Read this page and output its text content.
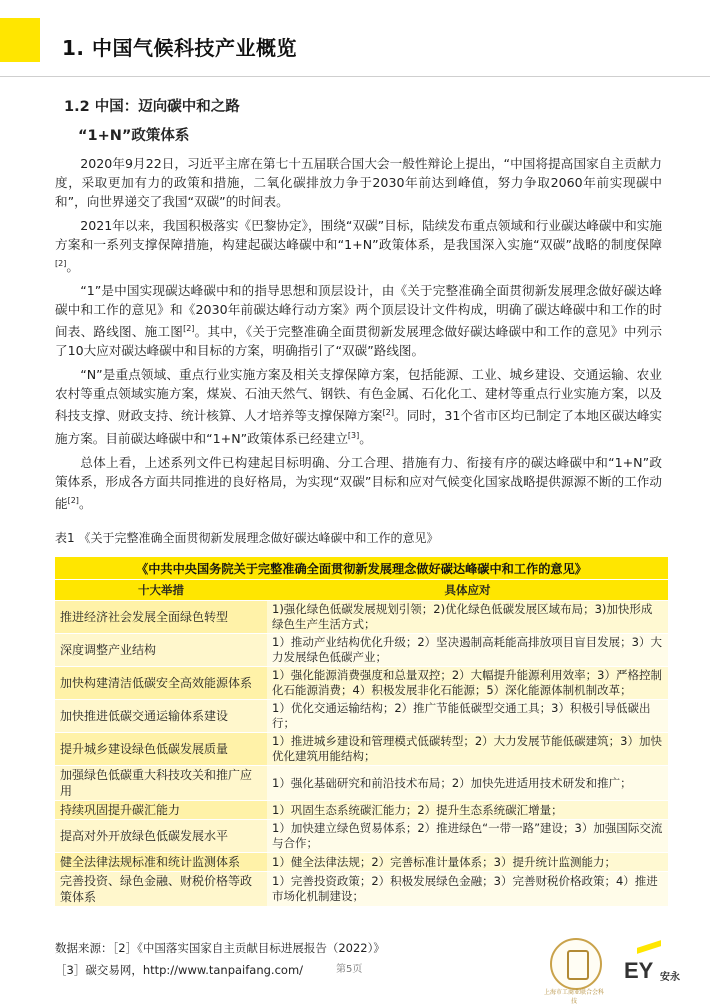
1. 中国气候科技产业概览
1.2 中国：迈向碳中和之路
“1+N”政策体系

2020年9月22日，习近平主席在第七十五届联合国大会一般性辩论上提出，“中国将提高国家自主贡献力度，采取更加有力的政策和措施，二氧化碳排放力争于2030年前达到峰值，努力争取2060年前实现碳中和”，向世界递交了我国“双碳”的时间表。

2021年以来，我国积极落实《巴黎协定》，围绕“双碳”目标，陆续发布重点领域和行业碳达峰碳中和实施方案和一系列支撑保障措施，构建起碳达峰碳中和“1+N”政策体系，是我国深入实施“双碳”战略的制度保障[2]。

“1”是中国实现碳达峰碳中和的指导思想和顶层设计，由《关于完整准确全面贯彻新发展理念做好碳达峰碳中和工作的意见》和《2030年前碳达峰行动方案》两个顶层设计文件构成，明确了碳达峰碳中和工作的时间表、路线图、施工图[2]。其中，《关于完整准确全面贯彻新发展理念做好碳达峰碳中和工作的意见》中列示了10大应对碳达峰碳中和目标的方案，明确指引了“双碳”路线图。

“N”是重点领域、重点行业实施方案及相关支撑保障方案，包括能源、工业、城乡建设、交通运输、农业农村等重点领域实施方案，煤炭、石油天然气、钢铁、有色金属、石化化工、建材等重点行业实施方案，以及科技支撑、财政支持、统计核算、人才培养等支撑保障方案[2]。同时，31个省市区均已制定了本地区碳达峰实施方案。目前碳达峰碳中和“1+N”政策体系已经建立[3]。

总体上看，上述系列文件已构建起目标明确、分工合理、措施有力、衔接有序的碳达峰碳中和“1+N”政策体系，形成各方面共同推进的良好格局，为实现“双碳”目标和应对气候变化国家战略提供源源不断的工作动能[2]。

表1 《关于完整准确全面贯彻新发展理念做好碳达峰碳中和工作的意见》
《中共中央国务院关于完整准确全面贯彻新发展理念做好碳达峰碳中和工作的意见》	
十大举措	具体应对
推进经济社会发展全面绿色转型	1)强化绿色低碳发展规划引领；2)优化绿色低碳发展区域布局；3)加快形成绿色生产生活方式；
深度调整产业结构	1）推动产业结构优化升级；2）坚决遏制高耗能高排放项目盲目发展；3）大力发展绿色低碳产业；
加快构建清洁低碳安全高效能源体系	1）强化能源消费强度和总量双控；2）大幅提升能源利用效率；3）严格控制化石能源消费；4）积极发展非化石能源；5）深化能源体制机制改革；
加快推进低碳交通运输体系建设	1）优化交通运输结构；2）推广节能低碳型交通工具；3）积极引导低碳出行；
提升城乡建设绿色低碳发展质量	1）推进城乡建设和管理模式低碳转型；2）大力发展节能低碳建筑；3）加快优化建筑用能结构；
加强绿色低碳重大科技攻关和推广应用	1）强化基础研究和前沿技术布局；2）加快先进适用技术研发和推广；
持续巩固提升碳汇能力	1）巩固生态系统碳汇能力；2）提升生态系统碳汇增量；
提高对外开放绿色低碳发展水平	1）加快建立绿色贸易体系；2）推进绿色“一带一路”建设；3）加强国际交流与合作；
健全法律法规标准和统计监测体系	1）健全法律法规；2）完善标准计量体系；3）提升统计监测能力；
完善投资、绿色金融、财税价格等政策体系	1）完善投资政策；2）积极发展绿色金融；3）完善财税价格政策；4）推进市场化机制建设；
数据来源：［2］《中国落实国家自主贡献目标进展报告（2022）》
［3］碳交易网，http://www.tanpaifang.com/	第5页
上海市工商业联合会科技
EY 安永
